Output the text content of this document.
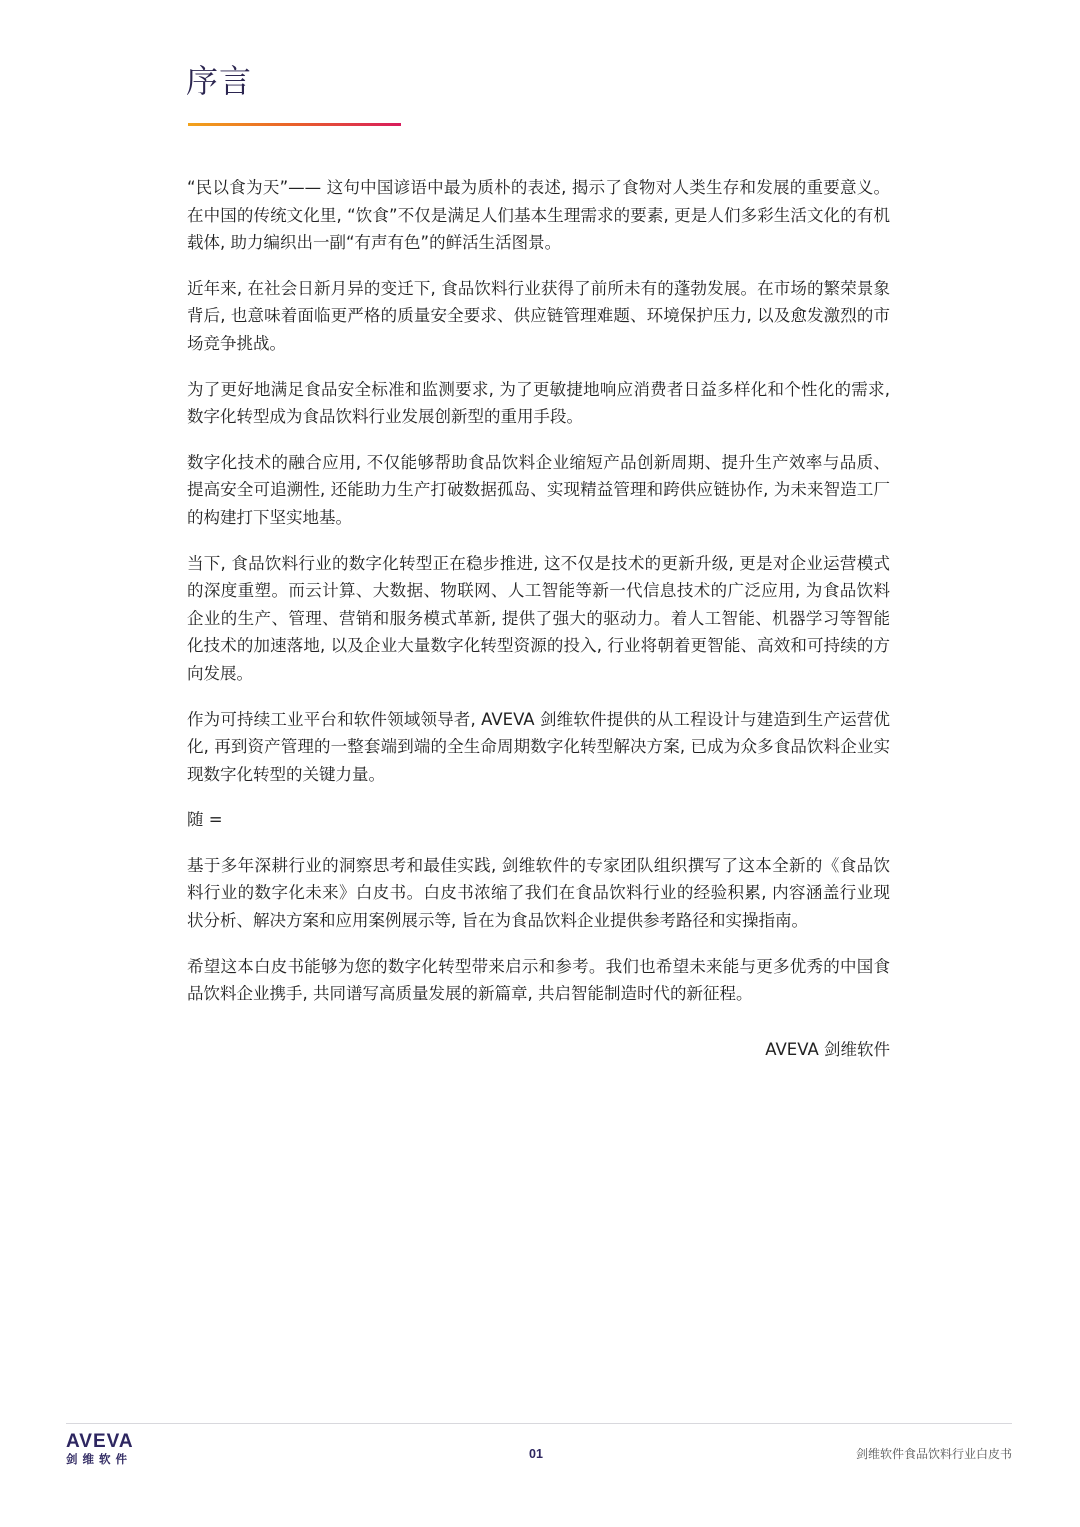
序言

“民以食为天”—— 这句中国谚语中最为质朴的表述, 揭示了食物对人类生存和发展的重要意义。在中国的传统文化里, “饮食”不仅是满足人们基本生理需求的要素, 更是人们多彩生活文化的有机载体, 助力编织出一副“有声有色”的鲜活生活图景。

近年来, 在社会日新月异的变迁下, 食品饮料行业获得了前所未有的蓬勃发展。在市场的繁荣景象背后, 也意味着面临更严格的质量安全要求、供应链管理难题、环境保护压力, 以及愈发激烈的市场竞争挑战。

为了更好地满足食品安全标准和监测要求, 为了更敏捷地响应消费者日益多样化和个性化的需求, 数字化转型成为食品饮料行业发展创新型的重用手段。

数字化技术的融合应用, 不仅能够帮助食品饮料企业缩短产品创新周期、提升生产效率与品质、提高安全可追溯性, 还能助力生产打破数据孤岛、实现精益管理和跨供应链协作, 为未来智造工厂的构建打下坚实地基。

当下, 食品饮料行业的数字化转型正在稳步推进, 这不仅是技术的更新升级, 更是对企业运营模式的深度重塑。而云计算、大数据、物联网、人工智能等新一代信息技术的广泛应用, 为食品饮料企业的生产、管理、营销和服务模式革新, 提供了强大的驱动力。着人工智能、机器学习等智能化技术的加速落地, 以及企业大量数字化转型资源的投入, 行业将朝着更智能、高效和可持续的方向发展。

作为可持续工业平台和软件领域领导者, AVEVA 剑维软件提供的从工程设计与建造到生产运营优化, 再到资产管理的一整套端到端的全生命周期数字化转型解决方案, 已成为众多食品饮料企业实现数字化转型的关键力量。

随 =

基于多年深耕行业的洞察思考和最佳实践, 剑维软件的专家团队组织撰写了这本全新的《食品饮料行业的数字化未来》白皮书。白皮书浓缩了我们在食品饮料行业的经验积累, 内容涵盖行业现状分析、解决方案和应用案例展示等, 旨在为食品饮料企业提供参考路径和实操指南。

希望这本白皮书能够为您的数字化转型带来启示和参考。我们也希望未来能与更多优秀的中国食品饮料企业携手, 共同谱写高质量发展的新篇章, 共启智能制造时代的新征程。

AVEVA 剑维软件
AVEVA
剑维软件	01	剑维软件食品饮料行业白皮书
